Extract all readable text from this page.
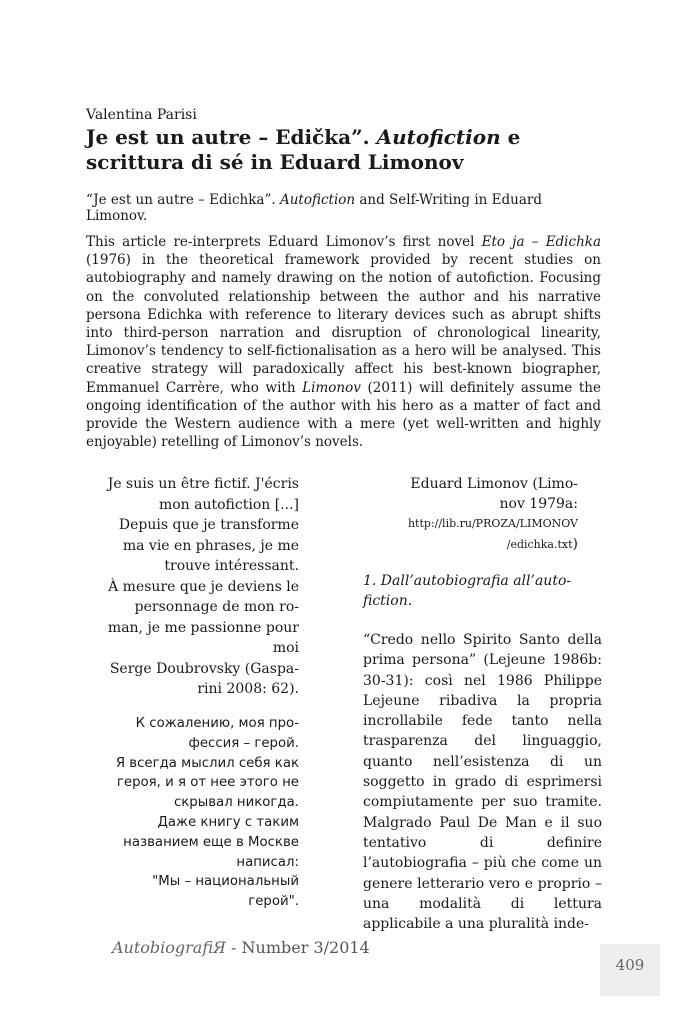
Valentina Parisi
Je est un autre – Edička”. Autofiction e scrittura di sé in Eduard Limonov
“Je est un autre – Edichka”. Autofiction and Self-Writing in Eduard Limonov.
This article re-interprets Eduard Limonov’s first novel Eto ja – Edichka (1976) in the theoretical framework provided by recent studies on autobiography and namely drawing on the notion of autofiction. Focusing on the convoluted relationship between the author and his narrative persona Edichka with reference to literary devices such as abrupt shifts into third-person narration and disruption of chronological linearity, Limonov’s tendency to self-fictionalisation as a hero will be analysed. This creative strategy will paradoxically affect his best-known biographer, Emmanuel Carrère, who with Limonov (2011) will definitely assume the ongoing identification of the author with his hero as a matter of fact and provide the Western audience with a mere (yet well-written and highly enjoyable) retelling of Limonov’s novels.
Je suis un être fictif. J'écris
mon autofiction [...]
Depuis que je transforme
ma vie en phrases, je me
trouve intéressant.
À mesure que je deviens le
personnage de mon ro-
man, je me passionne pour
moi
Serge Doubrovsky (Gaspa-
rini 2008: 62).
К сожалению, моя про-
фессия – герой.
Я всегда мыслил себя как
героя, и я от нее этого не
скрывал никогда.
Даже книгу с таким
названием еще в Москве
написал:
"Мы – национальный
герой".
Eduard Limonov (Limo-
nov 1979a:
http://lib.ru/PROZA/LIMONOV
/edichka.txt)
1. Dall’autobiografia all’auto-
fiction.
“Credo nello Spirito Santo della prima persona” (Lejeune 1986b: 30-31): così nel 1986 Philippe Lejeune ribadiva la propria incrollabile fede tanto nella trasparenza del linguaggio, quanto nell’esistenza di un soggetto in grado di esprimersi compiutamente per suo tramite. Malgrado Paul De Man e il suo tentativo di definire l’autobiografia – più che come un genere letterario vero e proprio – una modalità di lettura applicabile a una pluralità inde-
AutobiografiЯ - Number 3/2014
409
